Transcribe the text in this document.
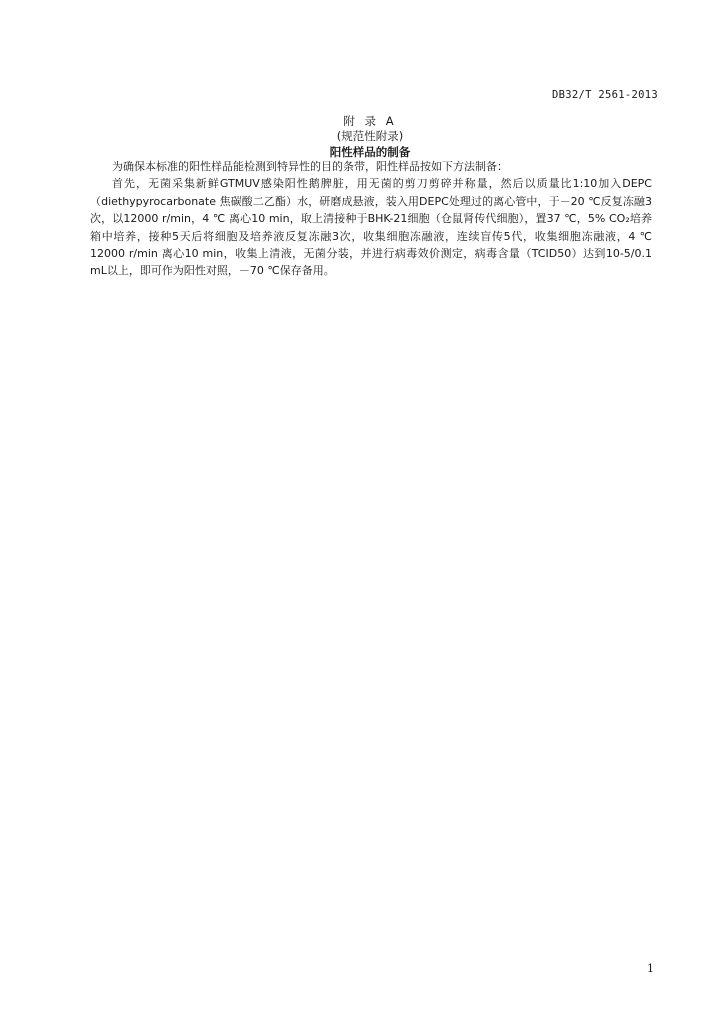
DB32/T 2561-2013
附 录 A
(规范性附录)
阳性样品的制备

为确保本标准的阳性样品能检测到特异性的目的条带，阳性样品按如下方法制备：

首先，无菌采集新鲜GTMUV感染阳性鹅脾脏，用无菌的剪刀剪碎并称量，然后以质量比1:10加入DEPC（diethypyrocarbonate 焦碳酸二乙酯）水，研磨成悬液，装入用DEPC处理过的离心管中，于－20 ℃反复冻融3次，以12000 r/min，4 ℃ 离心10 min，取上清接种于BHK-21细胞（仓鼠肾传代细胞），置37 ℃，5% CO₂培养箱中培养，接种5天后将细胞及培养液反复冻融3次，收集细胞冻融液，连续盲传5代，收集细胞冻融液，4 ℃ 12000 r/min 离心10 min，收集上清液，无菌分装，并进行病毒效价测定，病毒含量（TCID50）达到10-5/0.1 mL以上，即可作为阳性对照，－70 ℃保存备用。

1
